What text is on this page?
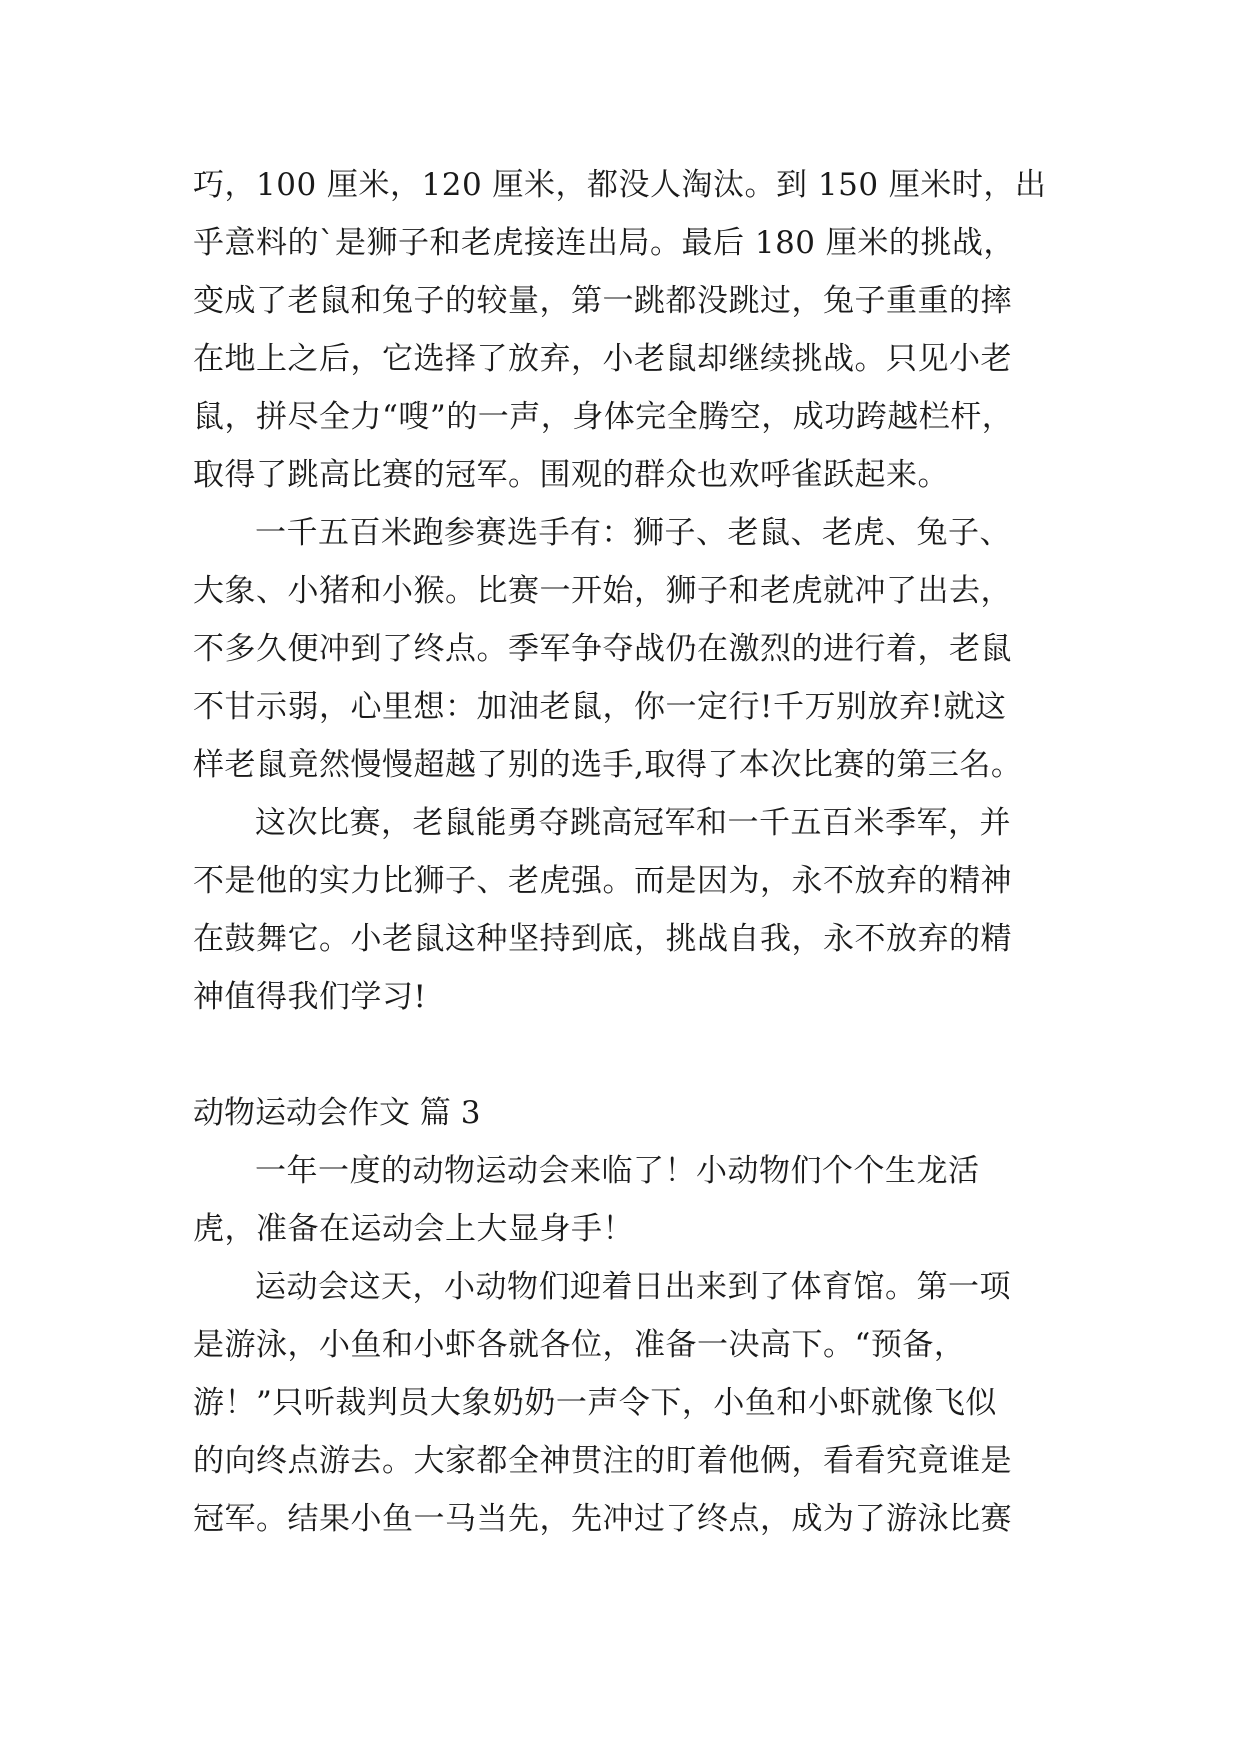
巧，100 厘米，120 厘米，都没人淘汰。到 150 厘米时，出
乎意料的`是狮子和老虎接连出局。最后 180 厘米的挑战，
变成了老鼠和兔子的较量，第一跳都没跳过，兔子重重的摔
在地上之后，它选择了放弃，小老鼠却继续挑战。只见小老
鼠，拼尽全力“嗖”的一声，身体完全腾空，成功跨越栏杆，
取得了跳高比赛的冠军。围观的群众也欢呼雀跃起来。
一千五百米跑参赛选手有：狮子、老鼠、老虎、兔子、
大象、小猪和小猴。比赛一开始，狮子和老虎就冲了出去，
不多久便冲到了终点。季军争夺战仍在激烈的进行着，老鼠
不甘示弱，心里想：加油老鼠，你一定行!千万别放弃!就这
样老鼠竟然慢慢超越了别的选手,取得了本次比赛的第三名。
这次比赛，老鼠能勇夺跳高冠军和一千五百米季军，并
不是他的实力比狮子、老虎强。而是因为，永不放弃的精神
在鼓舞它。小老鼠这种坚持到底，挑战自我，永不放弃的精
神值得我们学习!
动物运动会作文 篇 3
一年一度的动物运动会来临了！小动物们个个生龙活
虎，准备在运动会上大显身手！
运动会这天，小动物们迎着日出来到了体育馆。第一项
是游泳，小鱼和小虾各就各位，准备一决高下。“预备，
游！”只听裁判员大象奶奶一声令下，小鱼和小虾就像飞似
的向终点游去。大家都全神贯注的盯着他俩，看看究竟谁是
冠军。结果小鱼一马当先，先冲过了终点，成为了游泳比赛
